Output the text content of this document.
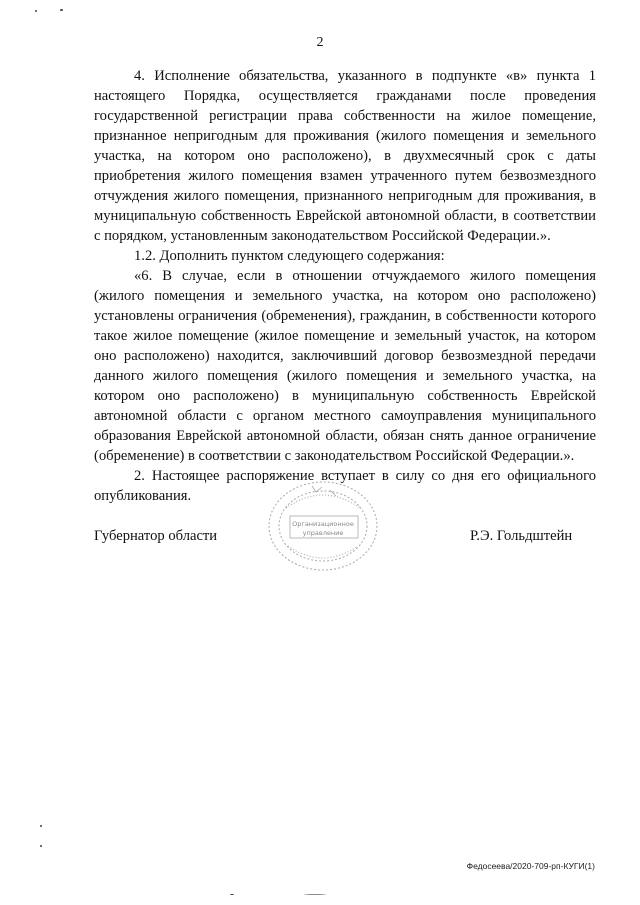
2

4. Исполнение обязательства, указанного в подпункте «в» пункта 1 настоящего Порядка, осуществляется гражданами после проведения государственной регистрации права собственности на жилое помещение, признанное непригодным для проживания (жилого помещения и земельного участка, на котором оно расположено), в двухмесячный срок с даты приобретения жилого помещения взамен утраченного путем безвозмездного отчуждения жилого помещения, признанного непригодным для проживания, в муниципальную собственность Еврейской автономной области, в соответствии с порядком, установленным законодательством Российской Федерации.».

1.2. Дополнить пунктом следующего содержания:

«6. В случае, если в отношении отчуждаемого жилого помещения (жилого помещения и земельного участка, на котором оно расположено) установлены ограничения (обременения), гражданин, в собственности которого такое жилое помещение (жилое помещение и земельный участок, на котором оно расположено) находится, заключивший договор безвозмездной передачи данного жилого помещения (жилого помещения и земельного участка, на котором оно расположено) в муниципальную собственность Еврейской автономной области с органом местного самоуправления муниципального образования Еврейской автономной области, обязан снять данное ограничение (обременение) в соответствии с законодательством Российской Федерации.».

2. Настоящее распоряжение вступает в силу со дня его официального опубликования.

Губернатор области	Р.Э. Гольдштейн
Организационное
управление
Федосеева/2020-709-рп-КУГИ(1)
